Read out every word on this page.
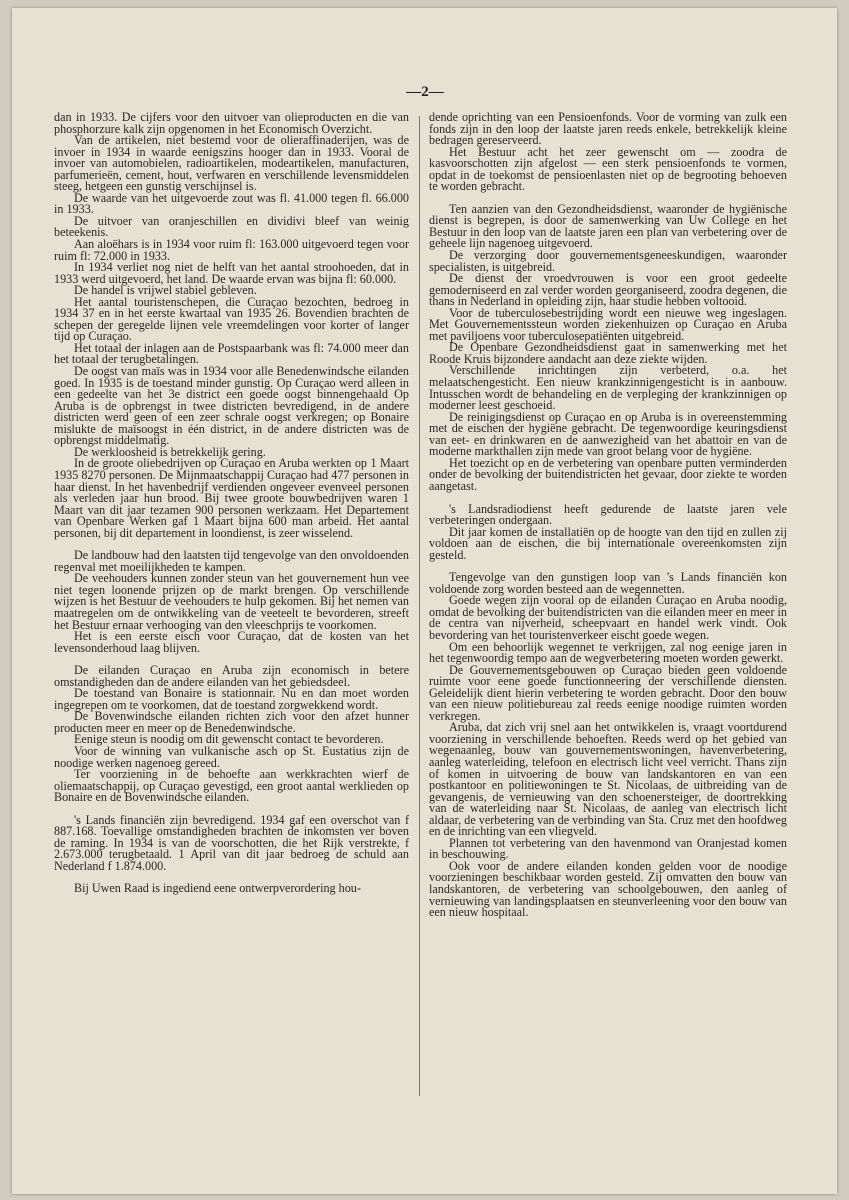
—2—

dan in 1933. De cijfers voor den uitvoer van olieproducten en die van phosphorzure kalk zijn opgenomen in het Economisch Overzicht.

Van de artikelen, niet bestemd voor de olieraffinaderijen, was de invoer in 1934 in waarde eenigszins hooger dan in 1933. Vooral de invoer van automobielen, radioartikelen, modeartikelen, manufacturen, parfumerieën, cement, hout, verfwaren en verschillende levensmiddelen steeg, hetgeen een gunstig verschijnsel is.

De waarde van het uitgevoerde zout was fl. 41.000 tegen fl. 66.000 in 1933.

De uitvoer van oranjeschillen en dividivi bleef van weinig beteekenis.

Aan aloëhars is in 1934 voor ruim fl: 163.000 uitgevoerd tegen voor ruim fl: 72.000 in 1933.

In 1934 verliet nog niet de helft van het aantal stroohoeden, dat in 1933 werd uitgevoerd, het land. De waarde ervan was bijna fl: 60.000.

De handel is vrijwel stabiel gebleven.

Het aantal touristenschepen, die Curaçao bezochten, bedroeg in 1934 37 en in het eerste kwartaal van 1935 26. Bovendien brachten de schepen der geregelde lijnen vele vreemdelingen voor korter of langer tijd op Curaçao.

Het totaal der inlagen aan de Postspaarbank was fl: 74.000 meer dan het totaal der terugbetalingen.

De oogst van maïs was in 1934 voor alle Benedenwindsche eilanden goed. In 1935 is de toestand minder gunstig. Op Curaçao werd alleen in een gedeelte van het 3e district een goede oogst binnengehaald Op Aruba is de opbrengst in twee districten bevredigend, in de andere districten werd geen of een zeer schrale oogst verkregen; op Bonaire mislukte de maïsoogst in één district, in de andere districten was de opbrengst middelmatig.

De werkloosheid is betrekkelijk gering.

In de groote oliebedrijven op Curaçao en Aruba werkten op 1 Maart 1935 8270 personen. De Mijnmaatschappij Curaçao had 477 personen in haar dienst. In het havenbedrijf verdienden ongeveer evenveel personen als verleden jaar hun brood. Bij twee groote bouwbedrijven waren 1 Maart van dit jaar tezamen 900 personen werkzaam. Het Departement van Openbare Werken gaf 1 Maart bijna 600 man arbeid. Het aantal personen, bij dit departement in loondienst, is zeer wisselend.

De landbouw had den laatsten tijd tengevolge van den onvoldoenden regenval met moeilijkheden te kampen.

De veehouders kunnen zonder steun van het gouvernement hun vee niet tegen loonende prijzen op de markt brengen. Op verschillende wijzen is het Bestuur de veehouders te hulp gekomen. Bij het nemen van maatregelen om de ontwikkeling van de veeteelt te bevorderen, streeft het Bestuur ernaar verhooging van den vleeschprijs te voorkomen.

Het is een eerste eisch voor Curaçao, dat de kosten van het levensonderhoud laag blijven.

De eilanden Curaçao en Aruba zijn economisch in betere omstandigheden dan de andere eilanden van het gebiedsdeel.

De toestand van Bonaire is stationnair. Nu en dan moet worden ingegrepen om te voorkomen, dat de toestand zorgwekkend wordt.

De Bovenwindsche eilanden richten zich voor den afzet hunner producten meer en meer op de Benedenwindsche.

Eenige steun is noodig om dit gewenscht contact te bevorderen.

Voor de winning van vulkanische asch op St. Eustatius zijn de noodige werken nagenoeg gereed.

Ter voorziening in de behoefte aan werkkrachten wierf de oliemaatschappij, op Curaçao gevestigd, een groot aantal werklieden op Bonaire en de Bovenwindsche eilanden.

's Lands financiën zijn bevredigend. 1934 gaf een overschot van f 887.168. Toevallige omstandigheden brachten de inkomsten ver boven de raming. In 1934 is van de voorschotten, die het Rijk verstrekte, f 2.673.000 terugbetaald. 1 April van dit jaar bedroeg de schuld aan Nederland f 1.874.000.

Bij Uwen Raad is ingediend eene ontwerpverordering hou-

dende oprichting van een Pensioenfonds. Voor de vorming van zulk een fonds zijn in den loop der laatste jaren reeds enkele, betrekkelijk kleine bedragen gereserveerd.

Het Bestuur acht het zeer gewenscht om — zoodra de kasvoorschotten zijn afgelost — een sterk pensioenfonds te vormen, opdat in de toekomst de pensioenlasten niet op de begrooting behoeven te worden gebracht.

Ten aanzien van den Gezondheidsdienst, waaronder de hygiënische dienst is begrepen, is door de samenwerking van Uw College en het Bestuur in den loop van de laatste jaren een plan van verbetering over de geheele lijn nagenoeg uitgevoerd.

De verzorging door gouvernementsgeneeskundigen, waaronder specialisten, is uitgebreid.

De dienst der vroedvrouwen is voor een groot gedeelte gemoderniseerd en zal verder worden georganiseerd, zoodra degenen, die thans in Nederland in opleiding zijn, haar studie hebben voltooid.

Voor de tuberculosebestrijding wordt een nieuwe weg ingeslagen. Met Gouvernementssteun worden ziekenhuizen op Curaçao en Aruba met paviljoens voor tuberculosepatiënten uitgebreid.

De Openbare Gezondheidsdienst gaat in samenwerking met het Roode Kruis bijzondere aandacht aan deze ziekte wijden.

Verschillende inrichtingen zijn verbeterd, o.a. het melaatschengesticht. Een nieuw krankzinnigengesticht is in aanbouw. Intusschen wordt de behandeling en de verpleging der krankzinnigen op moderner leest geschoeid.

De reinigingsdienst op Curaçao en op Aruba is in overeenstemming met de eischen der hygiëne gebracht. De tegenwoordige keuringsdienst van eet- en drinkwaren en de aanwezigheid van het abattoir en van de moderne markthallen zijn mede van groot belang voor de hygiëne.

Het toezicht op en de verbetering van openbare putten verminderden onder de bevolking der buitendistricten het gevaar, door ziekte te worden aangetast.

's Landsradiodienst heeft gedurende de laatste jaren vele verbeteringen ondergaan.

Dit jaar komen de installatiën op de hoogte van den tijd en zullen zij voldoen aan de eischen, die bij internationale overeenkomsten zijn gesteld.

Tengevolge van den gunstigen loop van 's Lands financiën kon voldoende zorg worden besteed aan de wegennetten.

Goede wegen zijn vooral op de eilanden Curaçao en Aruba noodig, omdat de bevolking der buitendistricten van die eilanden meer en meer in de centra van nijverheid, scheepvaart en handel werk vindt. Ook bevordering van het touristenverkeer eischt goede wegen.

Om een behoorlijk wegennet te verkrijgen, zal nog eenige jaren in het tegenwoordig tempo aan de wegverbetering moeten worden gewerkt.

De Gouvernementsgebouwen op Curaçao bieden geen voldoende ruimte voor eene goede functionneering der verschillende diensten. Geleidelijk dient hierin verbetering te worden gebracht. Door den bouw van een nieuw politiebureau zal reeds eenige noodige ruimten worden verkregen.

Aruba, dat zich vrij snel aan het ontwikkelen is, vraagt voortdurend voorziening in verschillende behoeften. Reeds werd op het gebied van wegenaanleg, bouw van gouvernementswoningen, havenverbetering, aanleg waterleiding, telefoon en electrisch licht veel verricht. Thans zijn of komen in uitvoering de bouw van landskantoren en van een postkantoor en politiewoningen te St. Nicolaas, de uitbreiding van de gevangenis, de vernieuwing van den schoenersteiger, de doortrekking van de waterleiding naar St. Nicolaas, de aanleg van electrisch licht aldaar, de verbetering van de verbinding van Sta. Cruz met den hoofdweg en de inrichting van een vliegveld.

Plannen tot verbetering van den havenmond van Oranjestad komen in beschouwing.

Ook voor de andere eilanden konden gelden voor de noodige voorzieningen beschikbaar worden gesteld. Zij omvatten den bouw van landskantoren, de verbetering van schoolgebouwen, den aanleg of vernieuwing van landingsplaatsen en steunverleening voor den bouw van een nieuw hospitaal.
